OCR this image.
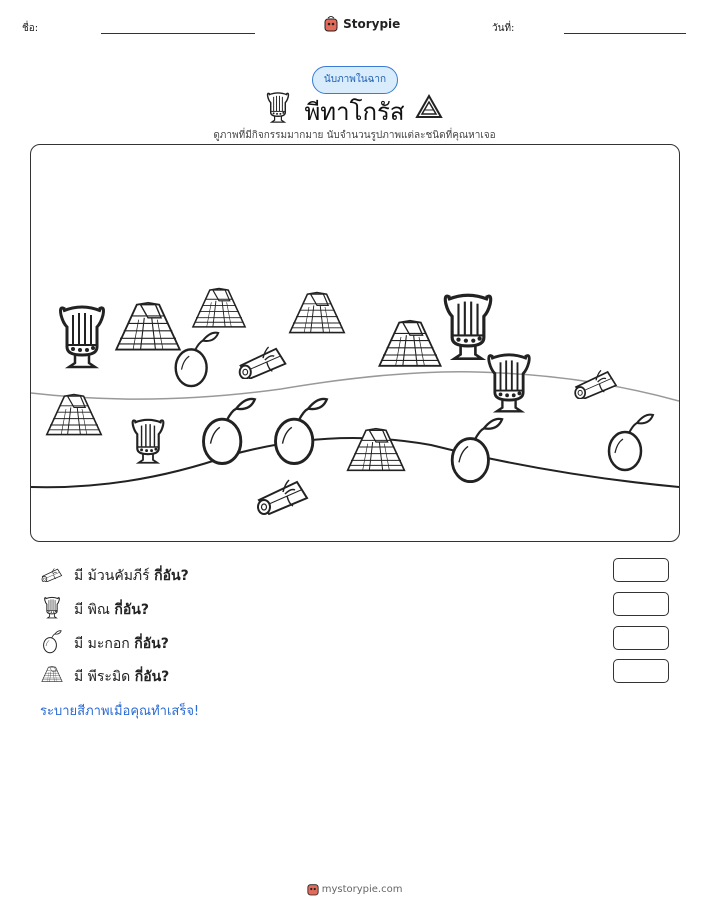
ชื่อ:	Storypie	วันที่:
นับภาพในฉาก
พีทาโกรัส
ดูภาพที่มีกิจกรรมมากมาย นับจำนวนรูปภาพแต่ละชนิดที่คุณหาเจอ
มี ม้วนคัมภีร์ กี่อัน?
มี พิณ กี่อัน?
มี มะกอก กี่อัน?
มี พีระมิด กี่อัน?
ระบายสีภาพเมื่อคุณทำเสร็จ!
mystorypie.com
